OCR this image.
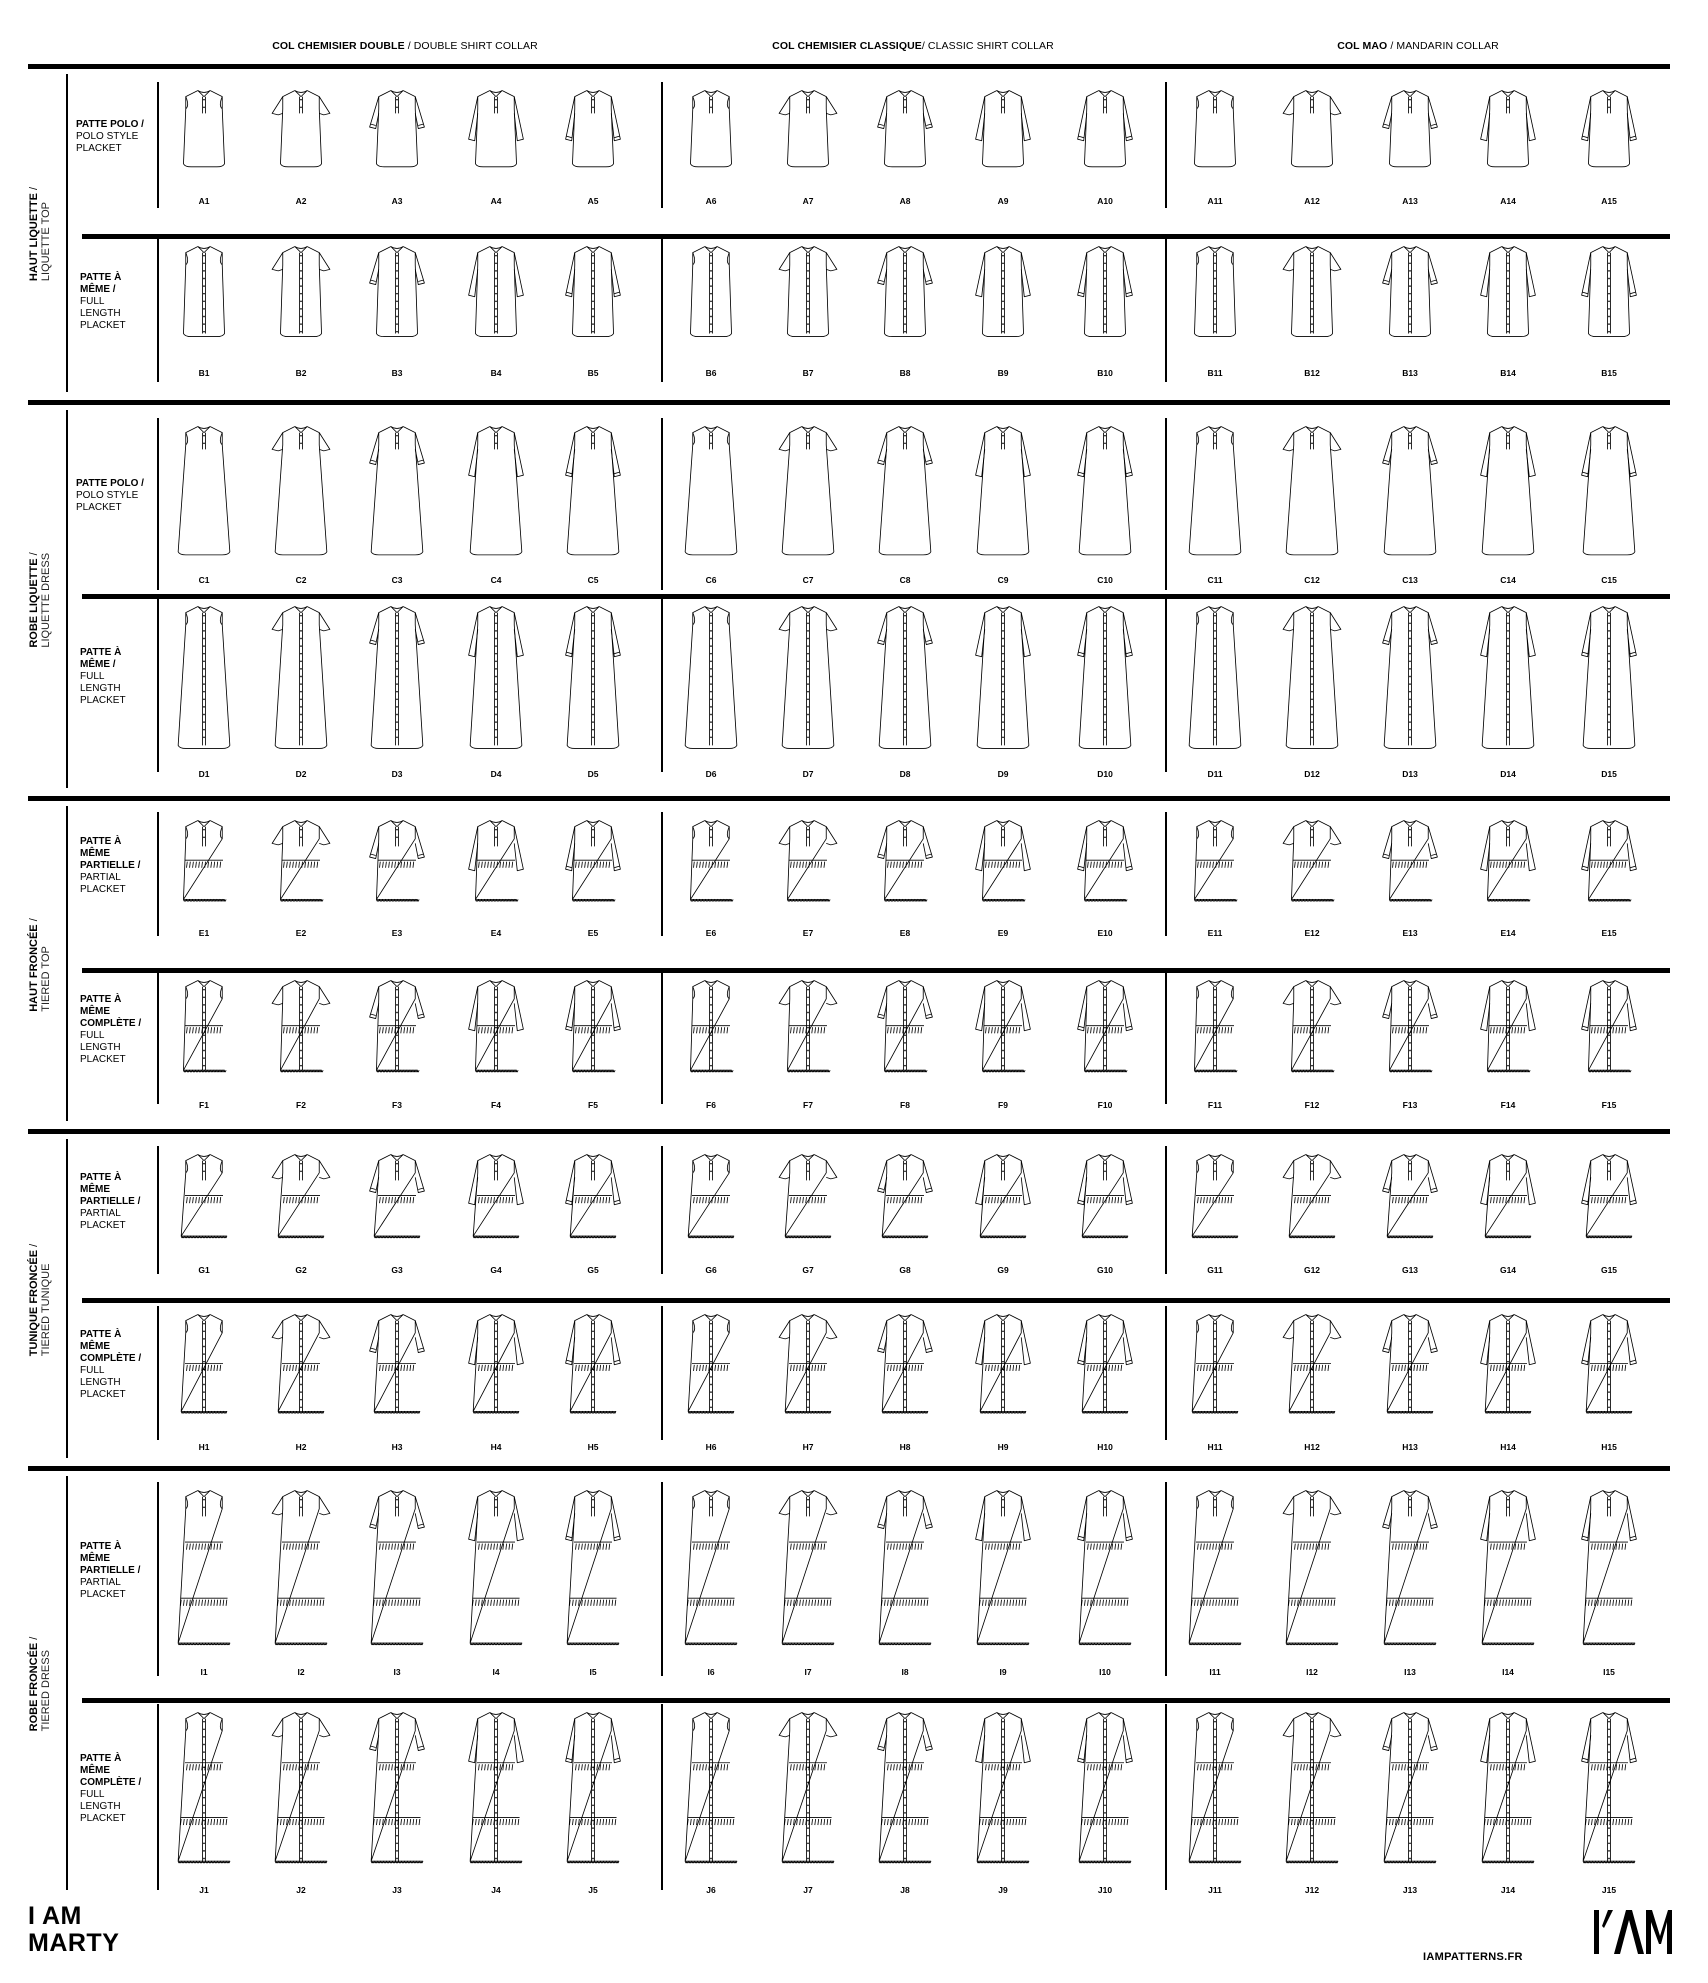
COL CHEMISIER DOUBLE / DOUBLE SHIRT COLLAR	COL CHEMISIER CLASSIQUE/ CLASSIC SHIRT COLLAR	COL MAO / MANDARIN COLLAR
HAUT LIQUETTE /
LIQUETTE TOP
PATTE POLO /
POLO STYLE
PLACKET
A1	A2	A3	A4	A5	A6	A7	A8	A9	A10	A11	A12	A13	A14	A15
PATTE À
MÊME /
FULL
LENGTH
PLACKET
B1	B2	B3	B4	B5	B6	B7	B8	B9	B10	B11	B12	B13	B14	B15
ROBE LIQUETTE /
LIQUETTE DRESS
PATTE POLO /
POLO STYLE
PLACKET
C1	C2	C3	C4	C5	C6	C7	C8	C9	C10	C11	C12	C13	C14	C15
PATTE À
MÊME /
FULL
LENGTH
PLACKET
D1	D2	D3	D4	D5	D6	D7	D8	D9	D10	D11	D12	D13	D14	D15
HAUT FRONCÉE /
TIERED TOP
PATTE À
MÊME
PARTIELLE /
PARTIAL
PLACKET
E1	E2	E3	E4	E5	E6	E7	E8	E9	E10	E11	E12	E13	E14	E15
PATTE À
MÊME
COMPLÈTE /
FULL
LENGTH
PLACKET
F1	F2	F3	F4	F5	F6	F7	F8	F9	F10	F11	F12	F13	F14	F15
TUNIQUE FRONCÉE /
TIERED TUNIQUE
PATTE À
MÊME
PARTIELLE /
PARTIAL
PLACKET
G1	G2	G3	G4	G5	G6	G7	G8	G9	G10	G11	G12	G13	G14	G15
PATTE À
MÊME
COMPLÈTE /
FULL
LENGTH
PLACKET
H1	H2	H3	H4	H5	H6	H7	H8	H9	H10	H11	H12	H13	H14	H15
ROBE FRONCÉE /
TIERED DRESS
PATTE À
MÊME
PARTIELLE /
PARTIAL
PLACKET
I1	I2	I3	I4	I5	I6	I7	I8	I9	I10	I11	I12	I13	I14	I15
PATTE À
MÊME
COMPLÈTE /
FULL
LENGTH
PLACKET
J1	J2	J3	J4	J5	J6	J7	J8	J9	J10	J11	J12	J13	J14	J15
I AM
MARTY	IAMPATTERNS.FR
